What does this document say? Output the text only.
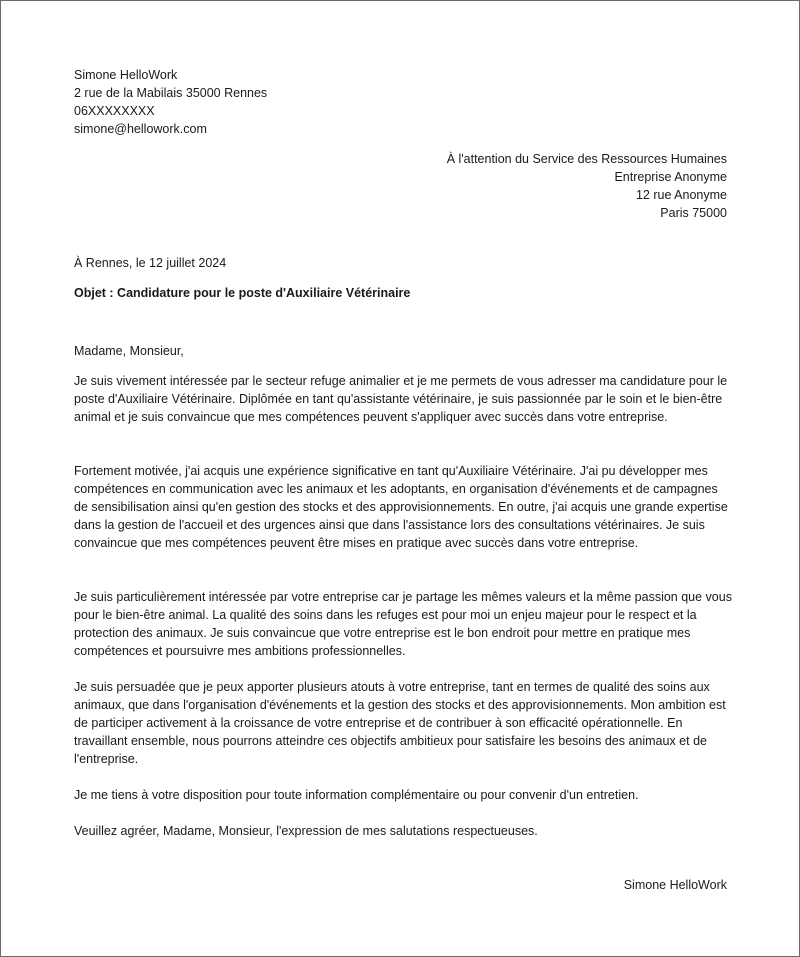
Simone HelloWork
2 rue de la Mabilais 35000 Rennes
06XXXXXXXX
simone@hellowork.com
À l'attention du Service des Ressources Humaines
Entreprise Anonyme
12 rue Anonyme
Paris 75000
À Rennes, le 12 juillet 2024
Objet : Candidature pour le poste d'Auxiliaire Vétérinaire
Madame, Monsieur,

Je suis vivement intéressée par le secteur refuge animalier et je me permets de vous adresser ma candidature pour le poste d'Auxiliaire Vétérinaire. Diplômée en tant qu'assistante vétérinaire, je suis passionnée par le soin et le bien-être animal et je suis convaincue que mes compétences peuvent s'appliquer avec succès dans votre entreprise.

Fortement motivée, j'ai acquis une expérience significative en tant qu'Auxiliaire Vétérinaire. J'ai pu développer mes compétences en communication avec les animaux et les adoptants, en organisation d'événements et de campagnes de sensibilisation ainsi qu'en gestion des stocks et des approvisionnements. En outre, j'ai acquis une grande expertise dans la gestion de l'accueil et des urgences ainsi que dans l'assistance lors des consultations vétérinaires. Je suis convaincue que mes compétences peuvent être mises en pratique avec succès dans votre entreprise.

Je suis particulièrement intéressée par votre entreprise car je partage les mêmes valeurs et la même passion que vous pour le bien-être animal. La qualité des soins dans les refuges est pour moi un enjeu majeur pour le respect et la protection des animaux. Je suis convaincue que votre entreprise est le bon endroit pour mettre en pratique mes compétences et poursuivre mes ambitions professionnelles.

Je suis persuadée que je peux apporter plusieurs atouts à votre entreprise, tant en termes de qualité des soins aux animaux, que dans l'organisation d'événements et la gestion des stocks et des approvisionnements. Mon ambition est de participer activement à la croissance de votre entreprise et de contribuer à son efficacité opérationnelle. En travaillant ensemble, nous pourrons atteindre ces objectifs ambitieux pour satisfaire les besoins des animaux et de l'entreprise.

Je me tiens à votre disposition pour toute information complémentaire ou pour convenir d'un entretien.

Veuillez agréer, Madame, Monsieur, l'expression de mes salutations respectueuses.

Simone HelloWork
